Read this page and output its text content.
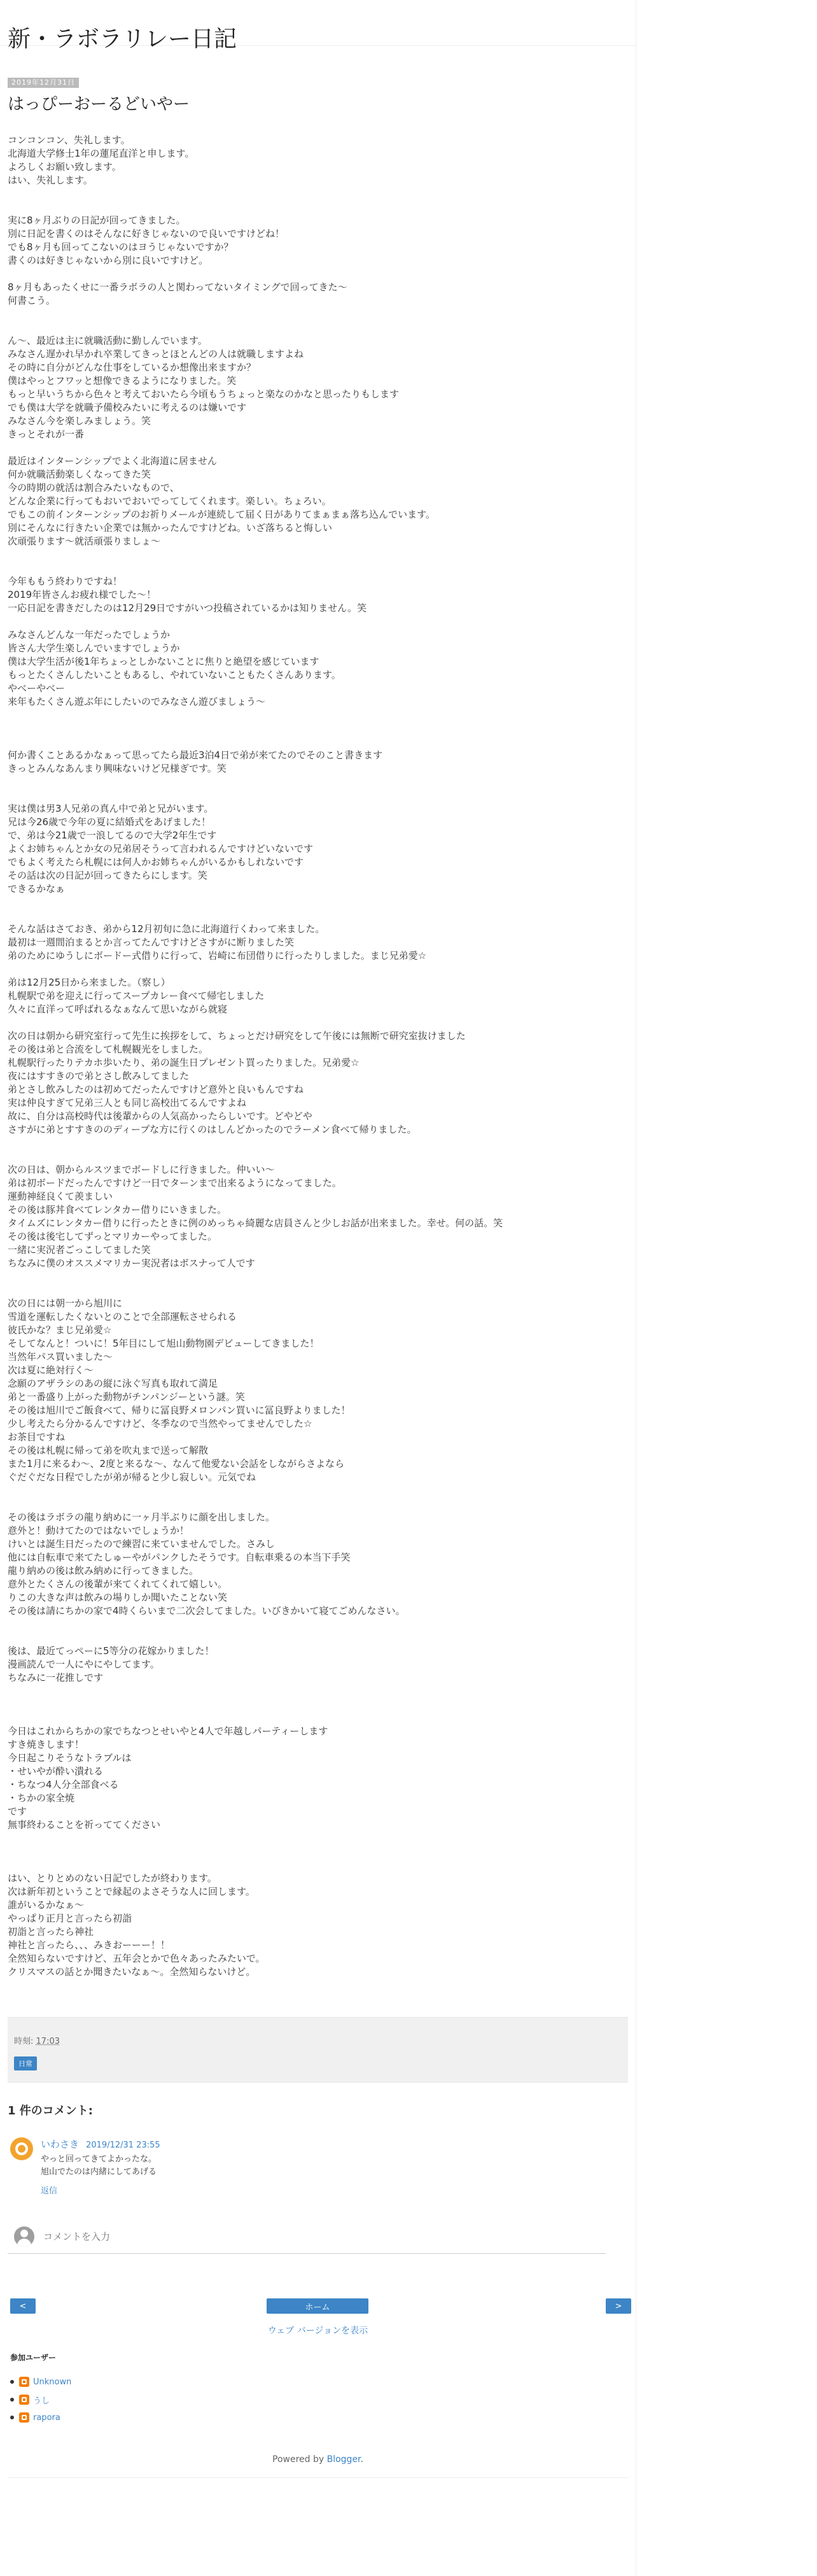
新・ラボラリレー日記
2019年12月31日
はっぴーおーるどいやー
コンコンコン、失礼します。
北海道大学修士1年の蓮尾直洋と申します。
よろしくお願い致します。
はい、失礼します。
実に8ヶ月ぶりの日記が回ってきました。
別に日記を書くのはそんなに好きじゃないので良いですけどね！
でも8ヶ月も回ってこないのはヨうじゃないですか？
書くのは好きじゃないから別に良いですけど。
8ヶ月もあったくせに一番ラボラの人と関わってないタイミングで回ってきた〜
何書こう。
ん〜、最近は主に就職活動に勤しんでいます。
みなさん遅かれ早かれ卒業してきっとほとんどの人は就職しますよね
その時に自分がどんな仕事をしているか想像出来ますか？
僕はやっとフワッと想像できるようになりました。笑
もっと早いうちから色々と考えておいたら今頃もうちょっと楽なのかなと思ったりもします
でも僕は大学を就職予備校みたいに考えるのは嫌いです
みなさん今を楽しみましょう。笑
きっとそれが一番
最近はインターンシップでよく北海道に居ません
何か就職活動楽しくなってきた笑
今の時期の就活は割合みたいなもので、
どんな企業に行ってもおいでおいでってしてくれます。楽しい。ちょろい。
でもこの前インターンシップのお祈りメールが連続して届く日がありてまぁまぁ落ち込んでいます。
別にそんなに行きたい企業では無かったんですけどね。いざ落ちると悔しい
次頑張ります〜就活頑張りましょ〜
今年ももう終わりですね！
2019年皆さんお疲れ様でした〜！
一応日記を書きだしたのは12月29日ですがいつ投稿されているかは知りません。笑
みなさんどんな一年だったでしょうか
皆さん大学生楽しんでいますでしょうか
僕は大学生活が後1年ちょっとしかないことに焦りと絶望を感じています
もっとたくさんしたいこともあるし、やれていないこともたくさんあります。
やべーやべー
来年もたくさん遊ぶ年にしたいのでみなさん遊びましょう〜
何か書くことあるかなぁって思ってたら最近3泊4日で弟が来てたのでそのこと書きます
きっとみんなあんまり興味ないけど兄様ぎです。笑
実は僕は男3人兄弟の真ん中で弟と兄がいます。
兄は今26歳で今年の夏に結婚式をあげました！
で、弟は今21歳で一浪してるので大学2年生です
よくお姉ちゃんとか女の兄弟居そうって言われるんですけどいないです
でもよく考えたら札幌には何人かお姉ちゃんがいるかもしれないです
その話は次の日記が回ってきたらにします。笑
できるかなぁ
そんな話はさておき、弟から12月初旬に急に北海道行くわって来ました。
最初は一週間泊まるとか言ってたんですけどさすがに断りました笑
弟のためにゆうしにボードー式借りに行って、岩崎に布団借りに行ったりしました。まじ兄弟愛☆
弟は12月25日から来ました。（察し）
札幌駅で弟を迎えに行ってスープカレー食べて帰宅しました
久々に直洋って呼ばれるなぁなんて思いながら就寝
次の日は朝から研究室行って先生に挨拶をして、ちょっとだけ研究をして午後には無断で研究室抜けました
その後は弟と合流をして札幌観光をしました。
札幌駅行ったりテカホ歩いたり、弟の誕生日プレゼント買ったりました。兄弟愛☆
夜にはすすきので弟とさし飲みしてました
弟とさし飲みしたのは初めてだったんですけど意外と良いもんですね
実は仲良すぎて兄弟三人とも同じ高校出てるんですよね
故に、自分は高校時代は後輩からの人気高かったらしいです。どやどや
さすがに弟とすすきののディープな方に行くのはしんどかったのでラーメン食べて帰りました。
次の日は、朝からルスツまでボードしに行きました。仲いい〜
弟は初ボードだったんですけど一日でターンまで出来るようになってました。
運動神経良くて羨ましい
その後は豚丼食べてレンタカー借りにいきました。
タイムズにレンタカー借りに行ったときに例のめっちゃ綺麗な店員さんと少しお話が出来ました。幸せ。何の話。笑
その後は後宅してずっとマリカーやってました。
一緒に実況者ごっこしてました笑
ちなみに僕のオススメマリカー実況者はボスナって人です
次の日には朝一から旭川に
雪道を運転したくないとのことで全部運転させられる
彼氏かな？まじ兄弟愛☆
そしてなんと！ついに！5年目にして旭山動物園デビューしてきました！
当然年パス買いました〜
次は夏に絶対行く〜
念願のアザラシのあの縦に泳ぐ写真も取れて満足
弟と一番盛り上がった動物がチンパンジーという謎。笑
その後は旭川でご飯食べて、帰りに冨良野メロンパン買いに冨良野よりました！
少し考えたら分かるんですけど、冬季なので当然やってませんでした☆
お茶目ですね
その後は札幌に帰って弟を吹丸まで送って解散
また1月に来るわ〜、2度と来るな〜、なんて他愛ない会話をしながらさよなら
ぐだぐだな日程でしたが弟が帰ると少し寂しい。元気でね
その後はラボラの龍り納めに一ヶ月半ぶりに顔を出しました。
意外と！動けてたのではないでしょうか！
けいとは誕生日だったので練習に来ていませんでした。さみし
他には自転車で来てたしゅーやがパンクしたそうです。自転車乗るの本当下手笑
龍り納めの後は飲み納めに行ってきました。
意外とたくさんの後輩が来てくれてくれて嬉しい。
りこの大きな声は飲みの場りしか聞いたことない笑
その後は請にちかの家で4時くらいまで二次会してました。いびきかいて寝てごめんなさい。
後は、最近てっぺーに5等分の花嫁かりました！
漫画読んで一人にやにやしてます。
ちなみに一花推しです
今日はこれからちかの家でちなつとせいやと4人で年越しパーティーします
すき焼きします！
今日起こりそうなトラブルは
・せいやが酔い潰れる
・ちなつ4人分全部食べる
・ちかの家全焼
です
無事終わることを祈っててください
はい、とりとめのない日記でしたが終わります。
次は新年初ということで縁起のよさそうな人に回します。
誰がいるかなぁ〜
やっぱり正月と言ったら初詣
初詣と言ったら神社
神社と言ったら、、、みきおーーー！！
全然知らないですけど、五年会とかで色々あったみたいで。
クリスマスの話とか聞きたいなぁ〜。全然知らないけど。
時刻: 17:03
日常
1 件のコメント:
いわさき 2019/12/31 23:55
やっと回ってきてよかったな。
旭山でたのは内緒にしてあげる
返信
コメントを入力
<	ホーム	>
ウェブ バージョンを表示
参加ユーザー
Unknown
うし
rapora
Powered by Blogger.
